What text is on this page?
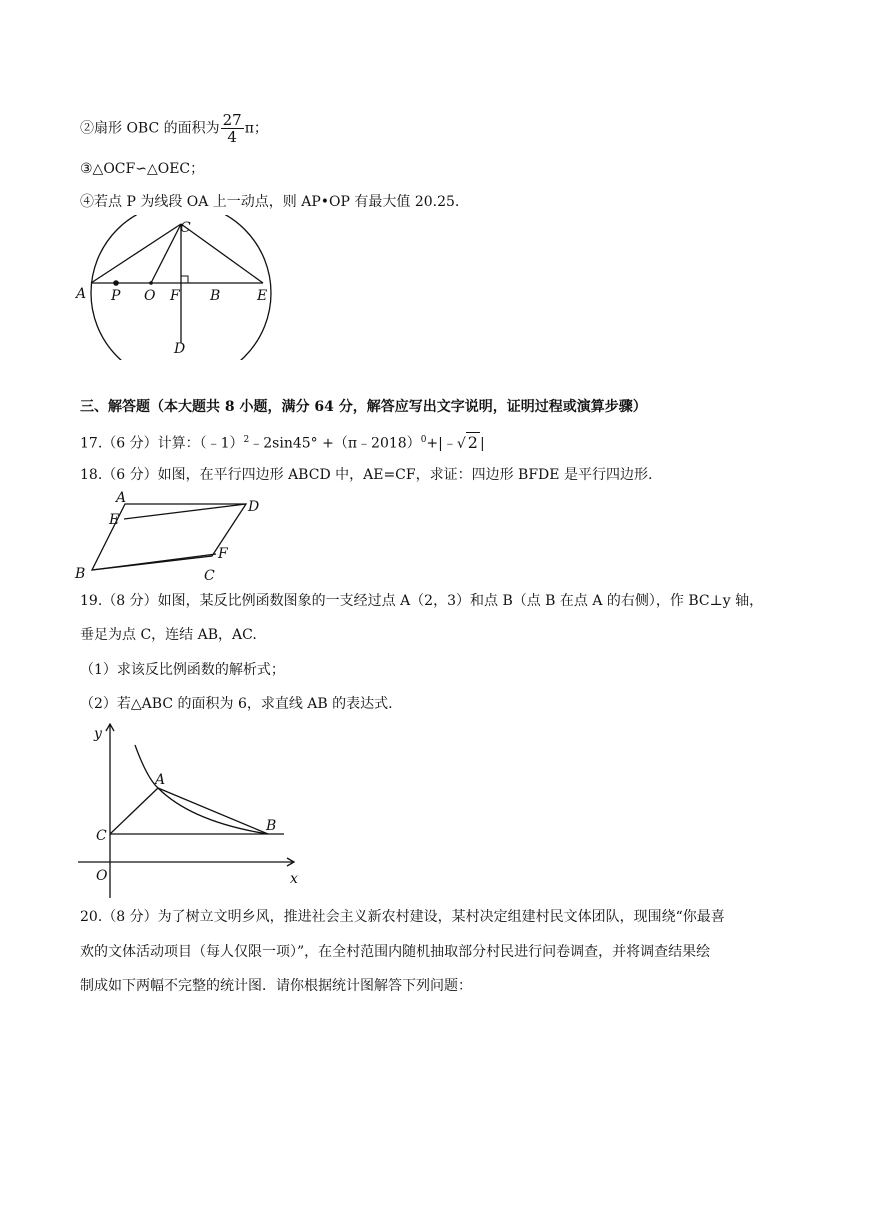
②扇形 OBC 的面积为 $\frac{27}{4}$ π；
③△OCF∽△OEC；
④若点 P 为线段 OA 上一动点，则 AP•OP 有最大值 20.25.
A P O F B	E
C
D
三、解答题（本大题共 8 小题，满分 64 分，解答应写出文字说明，证明过程或演算步骤）
17.（6 分）计算：（﹣1）$^2$﹣2sin45° +（π﹣2018）$^0$+|﹣√ 2 |
18.（6 分）如图，在平行四边形 ABCD 中，AE=CF，求证：四边形 BFDE 是平行四边形.
A
D
E
F
B	C
19.（8 分）如图，某反比例函数图象的一支经过点 A（2，3）和点 B（点 B 在点 A 的右侧），作 BC⊥y 轴，
垂足为点 C，连结 AB，AC.
（1）求该反比例函数的解析式；
（2）若△ABC 的面积为 6，求直线 AB 的表达式.
y
x
O
A
B
C
20.（8 分）为了树立文明乡风，推进社会主义新农村建设，某村决定组建村民文体团队，现围绕“你最喜
欢的文体活动项目（每人仅限一项）”，在全村范围内随机抽取部分村民进行问卷调查，并将调查结果绘
制成如下两幅不完整的统计图．请你根据统计图解答下列问题：
